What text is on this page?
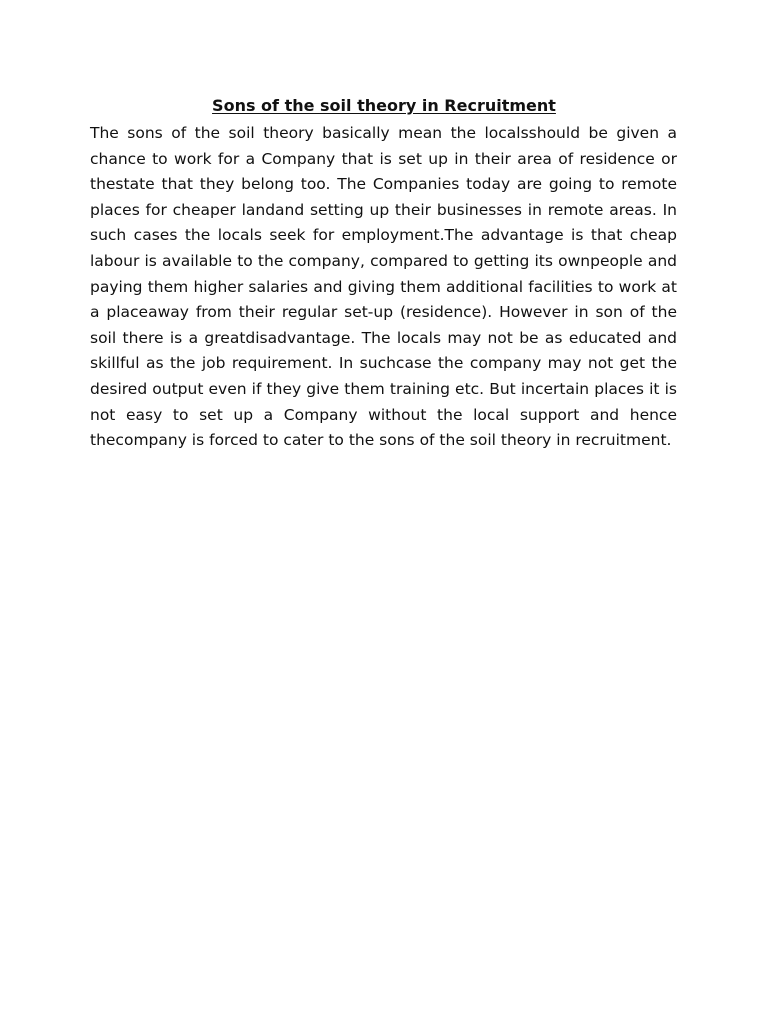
Sons of the soil theory in Recruitment

The sons of the soil theory basically mean the localsshould be given a chance to work for a Company that is set up in their area of residence or thestate that they belong too. The Companies today are going to remote places for cheaper landand setting up their businesses in remote areas. In such cases the locals seek for employment.The advantage is that cheap labour is available to the company, compared to getting its ownpeople and paying them higher salaries and giving them additional facilities to work at a placeaway from their regular set-up (residence). However in son of the soil there is a greatdisadvantage. The locals may not be as educated and skillful as the job requirement. In suchcase the company may not get the desired output even if they give them training etc. But incertain places it is not easy to set up a Company without the local support and hence thecompany is forced to cater to the sons of the soil theory in recruitment.
